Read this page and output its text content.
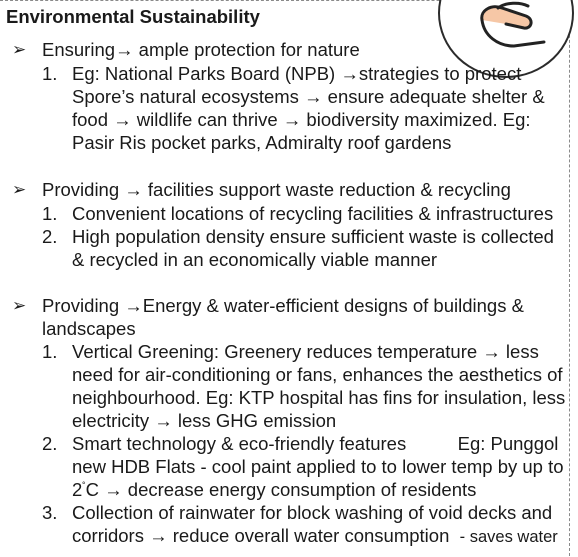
Environmental Sustainability
➢ Ensuring→ ample protection for nature
1. Eg: National Parks Board (NPB) →strategies to protect Spore’s natural ecosystems → ensure adequate shelter & food → wildlife can thrive → biodiversity maximized. Eg: Pasir Ris pocket parks, Admiralty roof gardens
➢ Providing → facilities support waste reduction & recycling
1. Convenient locations of recycling facilities & infrastructures
2. High population density ensure sufficient waste is collected & recycled in an economically viable manner
➢ Providing →Energy & water-efficient designs of buildings & landscapes
1. Vertical Greening: Greenery reduces temperature → less need for air-conditioning or fans, enhances the aesthetics of neighbourhood. Eg: KTP hospital has fins for insulation, less electricity → less GHG emission
2. Smart technology & eco-friendly features	Eg: Punggol new HDB Flats - cool paint applied to to lower temp by up to 2˚C → decrease energy consumption of residents
3. Collection of rainwater for block washing of void decks and corridors → reduce overall water consumption - saves water
